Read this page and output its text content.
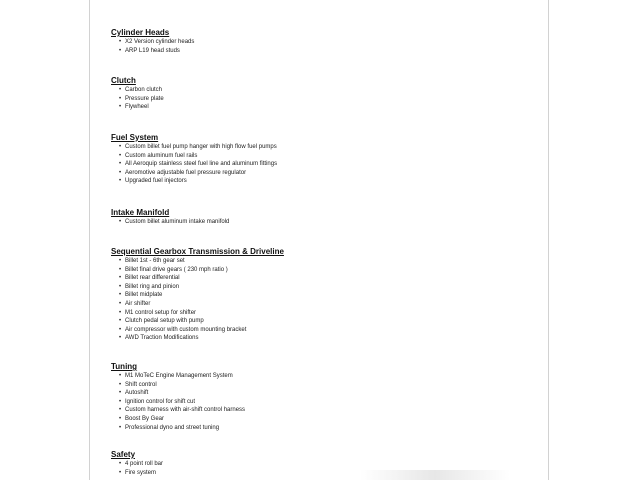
Cylinder Heads
• X2 Version cylinder heads
• ARP L19 head studs
Clutch
• Carbon clutch
• Pressure plate
• Flywheel
Fuel System
• Custom billet fuel pump hanger with high flow fuel pumps
• Custom aluminum fuel rails
• All Aeroquip stainless steel fuel line and aluminum fittings
• Aeromotive adjustable fuel pressure regulator
• Upgraded fuel injectors
Intake Manifold
• Custom billet aluminum intake manifold
Sequential Gearbox Transmission & Driveline
• Billet 1st - 6th gear set
• Billet final drive gears ( 230 mph ratio )
• Billet rear differential
• Billet ring and pinion
• Billet midplate
• Air shifter
• M1 control setup for shifter
• Clutch pedal setup with pump
• Air compressor with custom mounting bracket
• AWD Traction Modifications
Tuning
• M1 MoTeC Engine Management System
• Shift control
• Autoshift
• Ignition control for shift cut
• Custom harness with air-shift control harness
• Boost By Gear
• Professional dyno and street tuning
Safety
• 4 point roll bar
• Fire system
